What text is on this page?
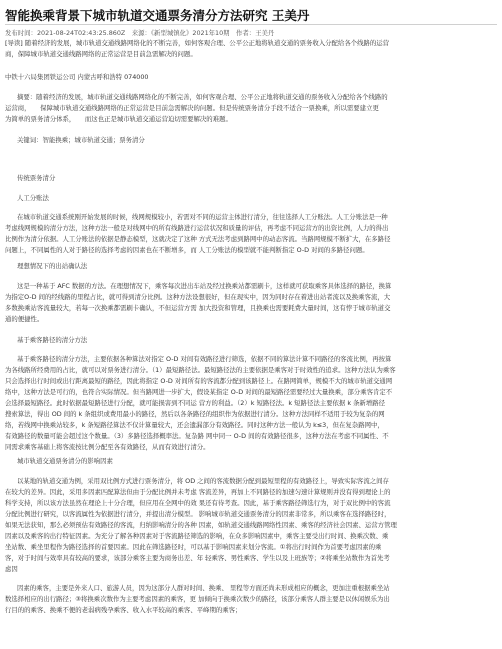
智能换乘背景下城市轨道交通票务清分方法研究 王美丹

发布时间：2021-08-24T02:43:25.860Z　来源：《新型城镇化》2021年10期　作者：王美丹

[导读] 随着经济的发展，城市轨道交通线路网络化的不断完善，如何客观合理、公平公正地将轨道交通的票务收入分配给各个线路的运营

商，保障城市轨道交通线路网络的正常运营是目前急需解决的问题。

中铁十六局集团铁运公司 内蒙古呼和浩特 074000

摘要：随着经济的发展，城市轨道交通线路网络化的不断完善，如何客观合理、公平公正地将轨道交通的票务收入分配给各个线路的

运营商，　　保障城市轨道交通线路网络的正常运营是目前急需解决的问题。但是传统票务清分手段不适合一票换乘，所以需要建立更

为简单的票务清分体系，　　而这也正是城市轨道交通运营迫切需要解决的难题。

关键词：智能换乘；城市轨道交通；票务清分

传统票务清分

人工分账法

在城市轨道交通系统刚开始发展的时候，线网规模较小，若需对不同的运营主体进行清分，往往选择人工分账法。人工分账法是一种

考虑线网规模的清分方法，这种方法一般是对线网中的所有线路进行运营状况和质量的评估，再考虑不同运营方的出资比例，人力的得出

比例作为清分依据。人工分账法的依据是静态模型，这就决定了这种 方式无法考虑到路网中的动态客流。当路网规模不断扩大，在多路径

问题上，不同属性的人对于路径的选择考虑的因素也在不断增多，而 人工分账法的模型就不能判断指定 O-D 对间的多路径问题。

理想情况下的出站确认法

这是一种基于 AFC 数据的方法。在理想情况下，乘客每次进出车站及经过换乘站都需刷卡，这样就可获取乘客具体选择的路径，换算

为指定O-D 间的经线路的里程占比，就可得到清分比例。这种方法设想很好，但在现实中，因为同时存在着进出站者流以及换乘客流，大

多数换乘站客流量较大，若每一次换乘都需刷卡确认，不但运营方需 加大投资和管理，且换乘也需要耗费大量时间，这有悖于城市轨道交

通的便捷性。

基于乘客路径的清分方法

基于乘客路径的清分方法，主要依据各种算法对指定 O-D 对间有效路径进行筛选，依据不同的算法计算不同路径的客流比例，再按算

为各线路所经费用的占比，就可以对票务进行清分。（1）最短路径法。最短路径法的主要依据是乘客对于时效性的追求。这种方法认为乘客

只会选择出行时间或出行距离最短的路径，因此将指定 O-D 对间所有的客流都分配到该路径上。在路网简单，规模不大的城市轨道交通网

络中，这种方法是可行的，也符合实际情况。但当路网进一步扩大，假设某指定 O-D 对间的最短路径需要经过大量换乘，部分乘客肯定不

会选择最短路径。此时依据最短路径进行分配，就可能损害到不同运 营方的利益。（2）k 短路径法。k 短路径法主要依据 k 条新增路径

搜索算法，得出 OD 间的 k 条组织或费用最小的路径，然后以各条路径的组织作为依据进行清分。这种方法同样不适用于较为复杂的网

络，若线网中换乘站较多，k 条短路径算法不仅计算量较大，还会遗漏部分有效路径。同时这种方法一般认为 k≤3，但在复杂路网中，

有效路径的数量可能会超过这个数量。（3）多路径选择概率法。复杂路 网中同一 O-D 间的有效路径很多，这种方法在考虑不同属性、不

同需求乘客基础上将客流按比例分配至各有效路径，从而有效进行清分。

城市轨道交通票务清分的影响因素

以某地的轨道交通为例，采用双比例方式进行票务清分，将 OD 之间的客流数据分配到最短里程的有效路径上，导致实际客流之间存

在较大的差异。因此，采用多因素匹配算法但由于分配比例并未考虑 客流差异，再加上不同路径的加速匀速计算规则并没有得到理论上的

科学支持，所以该方法虽然在理论上十分合理，但应用在全网中的效 果还有待考查。因此，基于乘客路径筛选行为，对于双比例中的客流

分配比例进行研究，以客流属性为依据进行清分，并提出清分模型。 影响城市轨道交通票务清分的因素非常多，所以乘客在选择路径时，

如果无法获知，那么必须预估有效路径的客流，归纳影响清分的各种 因素，如轨道交通线路网络性因素、乘客的经济社会因素、运营方管理

因素以及乘客的出行特征因素。为充分了解各种因素对于客流路径筛选的影响，在众多影响因素中，乘客主要受出行时间、换乘次数、乘

坐站数、乘坐里程作为路径选择的首要因素。因此在筛选路径时，可以基于影响因素来划分客流。①将出行时间作为首要考虑因素的乘

客，对于时间与效率具有较高的要求，该部分乘客主要为商务出差、年 轻乘客、男性乘客、学生以及上班族等；②将乘坐站数作为首先考

虑因

因素的乘客，主要是外来人口、旅游人员，因为这部分人群对时间、换乘、 里程等方面还尚未形成相应的概念，更加注重根据乘坐站

数选择相应的出行路径；③将换乘次数作为主要考虑因素的乘客，更 加倾向于换乘次数少的路径，该部分乘客人群主要是以休闲娱乐为出

行目的的乘客、换乘不便的老弱病残孕乘客、收入水平较高的乘客、平峰期的乘客；
